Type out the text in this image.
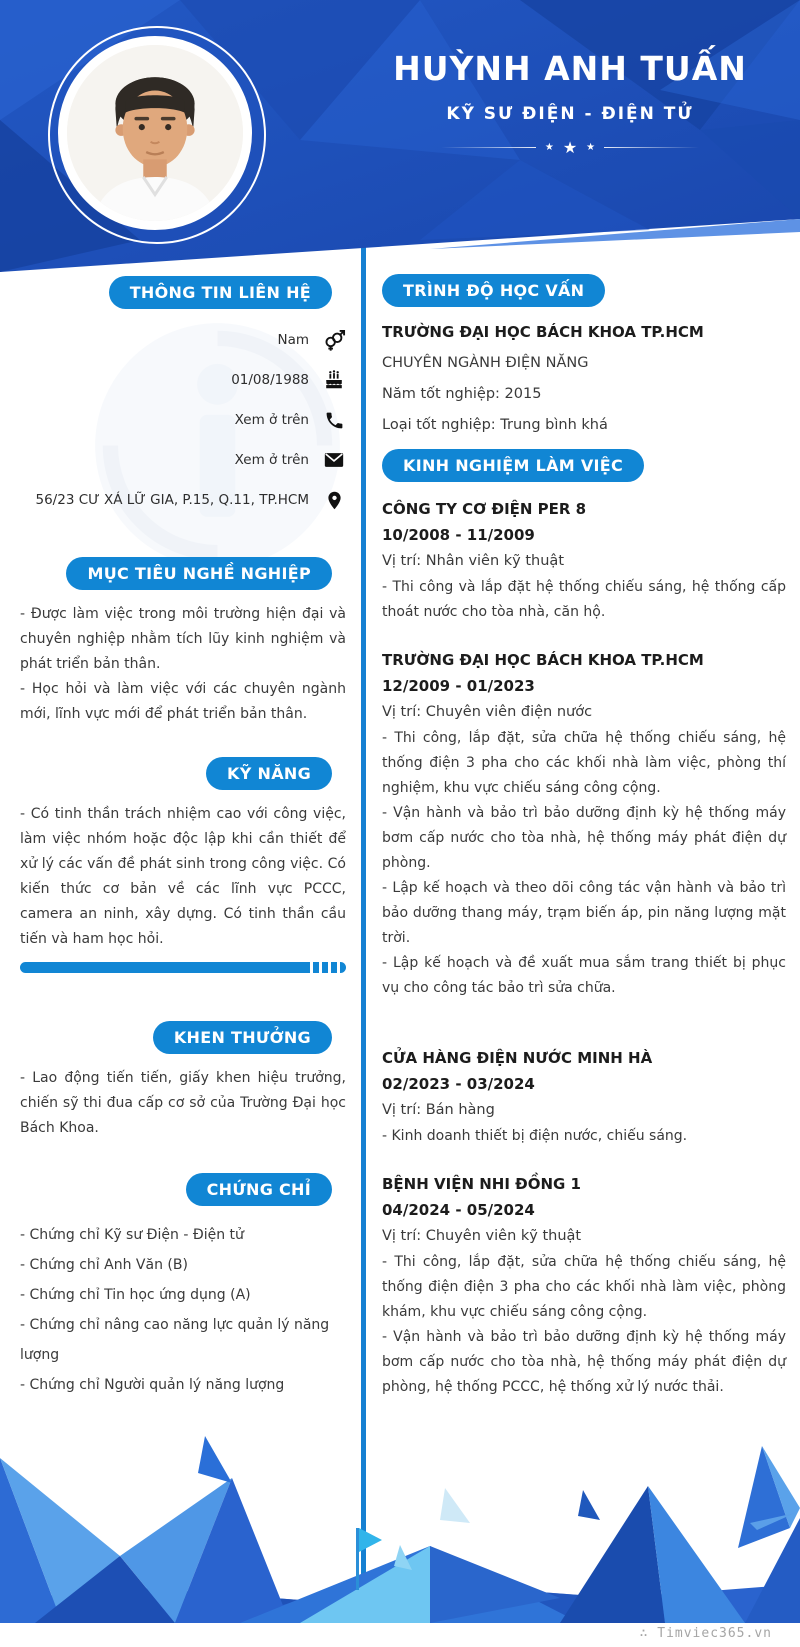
HUỲNH ANH TUẤN
KỸ SƯ ĐIỆN - ĐIỆN TỬ
★ ★ ★
THÔNG TIN LIÊN HỆ
Nam
01/08/1988
Xem ở trên
Xem ở trên
56/23 CƯ XÁ LỮ GIA, P.15, Q.11, TP.HCM
MỤC TIÊU NGHỀ NGHIỆP

- Được làm việc trong môi trường hiện đại và chuyên nghiệp nhằm tích lũy kinh nghiệm và phát triển bản thân.

- Học hỏi và làm việc với các chuyên ngành mới, lĩnh vực mới để phát triển bản thân.

KỸ NĂNG

- Có tinh thần trách nhiệm cao với công việc, làm việc nhóm hoặc độc lập khi cần thiết để xử lý các vấn đề phát sinh trong công việc. Có kiến thức cơ bản về các lĩnh vực PCCC, camera an ninh, xây dựng. Có tinh thần cầu tiến và ham học hỏi.

KHEN THƯỞNG

- Lao động tiến tiến, giấy khen hiệu trưởng, chiến sỹ thi đua cấp cơ sở của Trường Đại học Bách Khoa.

CHỨNG CHỈ
- Chứng chỉ Kỹ sư Điện - Điện tử
- Chứng chỉ Anh Văn (B)
- Chứng chỉ Tin học ứng dụng (A)
- Chứng chỉ nâng cao năng lực quản lý năng lượng
- Chứng chỉ Người quản lý năng lượng
TRÌNH ĐỘ HỌC VẤN
TRƯỜNG ĐẠI HỌC BÁCH KHOA TP.HCM
CHUYÊN NGÀNH ĐIỆN NĂNG
Năm tốt nghiệp: 2015
Loại tốt nghiệp: Trung bình khá
KINH NGHIỆM LÀM VIỆC
CÔNG TY CƠ ĐIỆN PER 8
10/2008 - 11/2009
Vị trí: Nhân viên kỹ thuật

- Thi công và lắp đặt hệ thống chiếu sáng, hệ thống cấp thoát nước cho tòa nhà, căn hộ.

TRƯỜNG ĐẠI HỌC BÁCH KHOA TP.HCM
12/2009 - 01/2023
Vị trí: Chuyên viên điện nước

- Thi công, lắp đặt, sửa chữa hệ thống chiếu sáng, hệ thống điện 3 pha cho các khối nhà làm việc, phòng thí nghiệm, khu vực chiếu sáng công cộng.

- Vận hành và bảo trì bảo dưỡng định kỳ hệ thống máy bơm cấp nước cho tòa nhà, hệ thống máy phát điện dự phòng.

- Lập kế hoạch và theo dõi công tác vận hành và bảo trì bảo dưỡng thang máy, trạm biến áp, pin năng lượng mặt trời.

- Lập kế hoạch và đề xuất mua sắm trang thiết bị phục vụ cho công tác bảo trì sửa chữa.

CỬA HÀNG ĐIỆN NƯỚC MINH HÀ
02/2023 - 03/2024
Vị trí: Bán hàng

- Kinh doanh thiết bị điện nước, chiếu sáng.

BỆNH VIỆN NHI ĐỒNG 1
04/2024 - 05/2024
Vị trí: Chuyên viên kỹ thuật

- Thi công, lắp đặt, sửa chữa hệ thống chiếu sáng, hệ thống điện điện 3 pha cho các khối nhà làm việc, phòng khám, khu vực chiếu sáng công cộng.

- Vận hành và bảo trì bảo dưỡng định kỳ hệ thống máy bơm cấp nước cho tòa nhà, hệ thống máy phát điện dự phòng, hệ thống PCCC, hệ thống xử lý nước thải.

∴ Timviec365.vn
